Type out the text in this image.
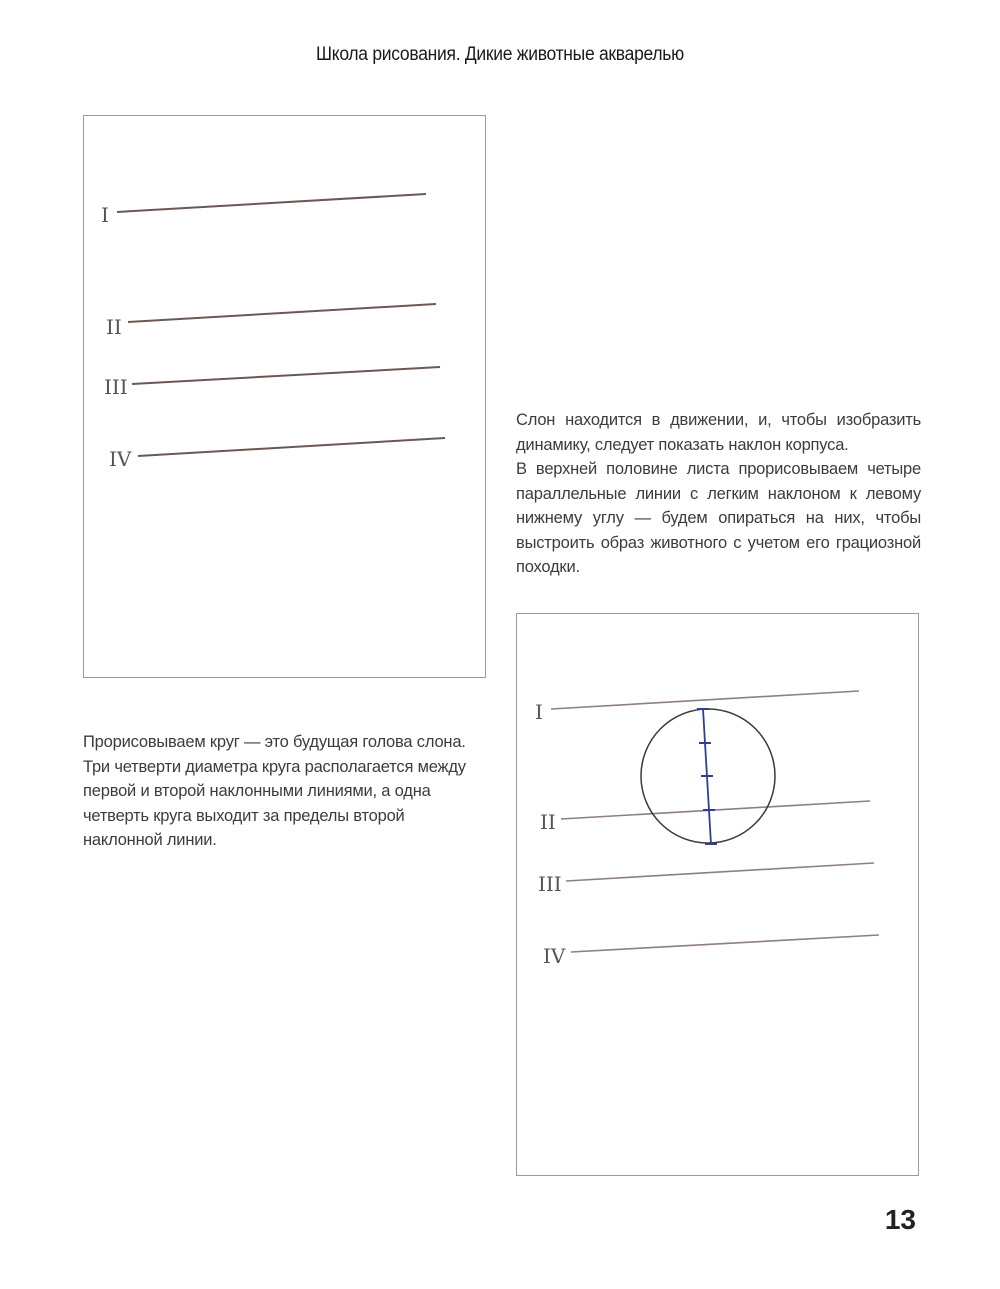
Школа рисования. Дикие животные акварелью
I
II
III
IV

Слон находится в движении, и, чтобы изобразить динамику, следует показать наклон корпуса.

В верхней половине листа прорисовываем четыре параллельные линии с легким наклоном к левому нижнему углу — будем опираться на них, чтобы выстроить образ животного с учетом его грациозной походки.

Прорисовываем круг — это будущая голова слона. Три четверти диаметра круга располагается между первой и второй наклонными линиями, а одна четверть круга выходит за пределы второй наклонной линии.

I
II
III
IV
13
